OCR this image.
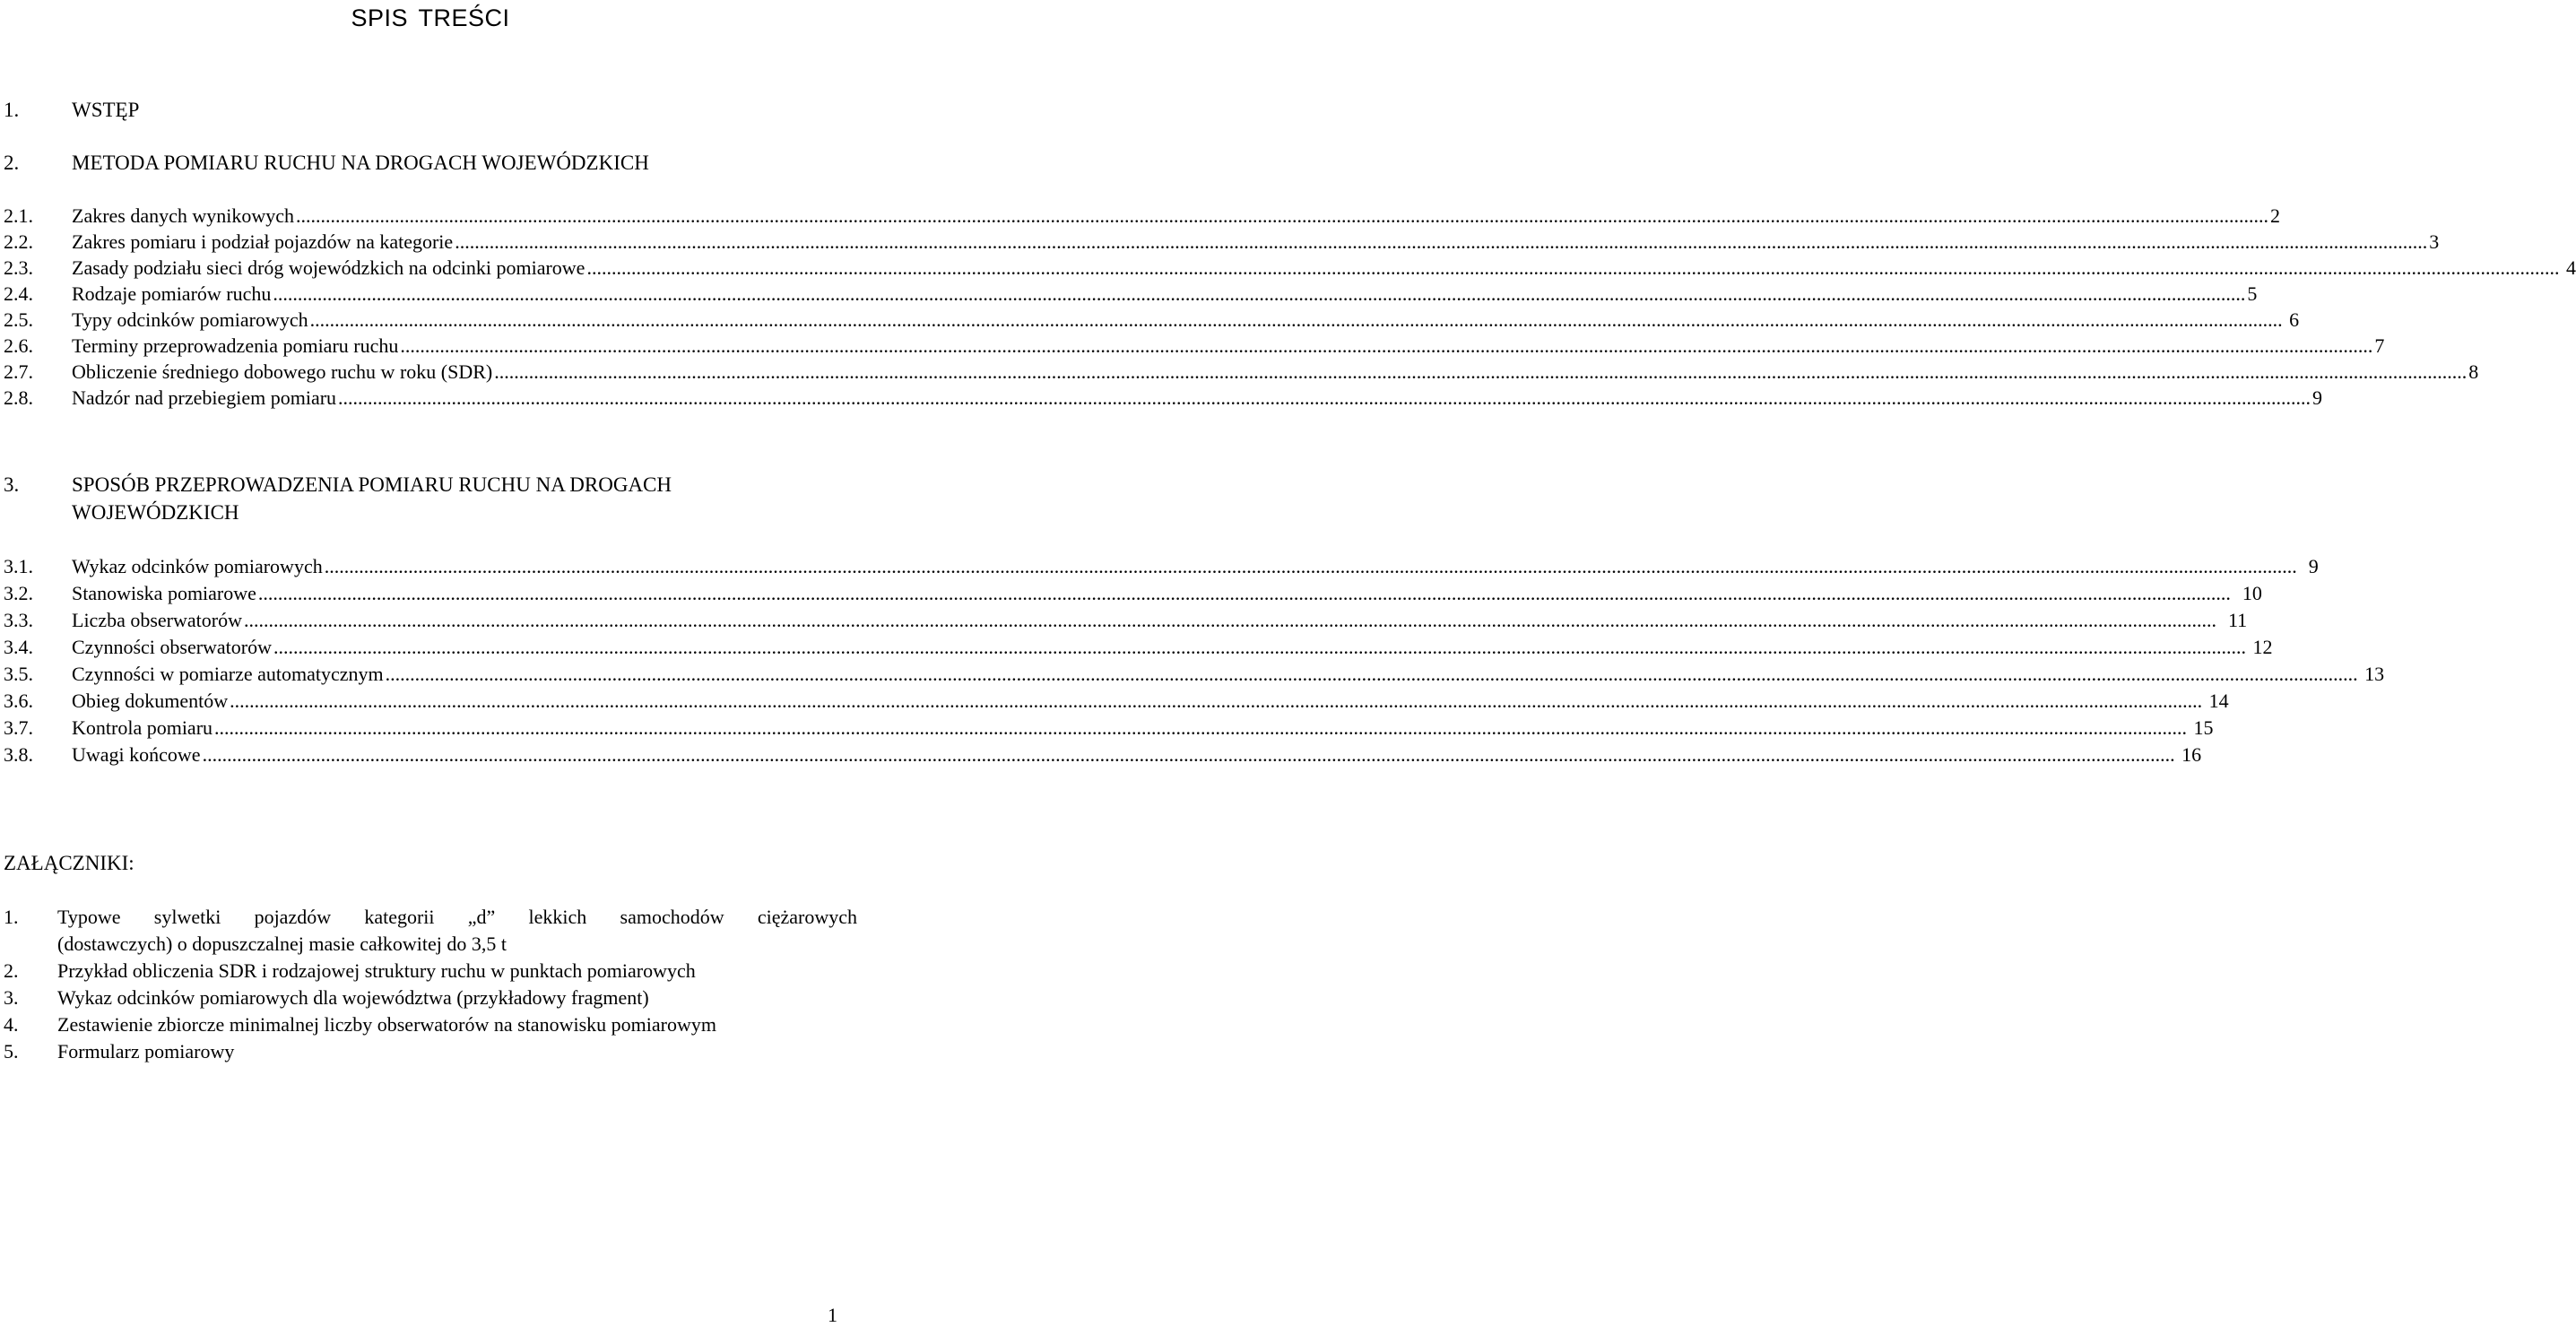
SPIS TREŚCI
1.	WSTĘP
2.	METODA POMIARU RUCHU NA DROGACH WOJEWÓDZKICH
2.1. Zakres danych wynikowych ................................................................................................................................................................................................................................................................................................................................................................................................................ 2
2.2. Zakres pomiaru i podział pojazdów na kategorie ................................................................................................................................................................................................................................................................................................................................................................................................................ 3
2.3. Zasady podziału sieci dróg wojewódzkich na odcinki pomiarowe ................................................................................................................................................................................................................................................................................................................................................................................................................ 4
2.4. Rodzaje pomiarów ruchu ................................................................................................................................................................................................................................................................................................................................................................................................................ 5
2.5. Typy odcinków pomiarowych ................................................................................................................................................................................................................................................................................................................................................................................................................ 6
2.6. Terminy przeprowadzenia pomiaru ruchu ................................................................................................................................................................................................................................................................................................................................................................................................................ 7
2.7. Obliczenie średniego dobowego ruchu w roku (SDR) ................................................................................................................................................................................................................................................................................................................................................................................................................ 8
2.8. Nadzór nad przebiegiem pomiaru ................................................................................................................................................................................................................................................................................................................................................................................................................ 9
3.	SPOSÓB PRZEPROWADZENIA POMIARU RUCHU NA DROGACH
WOJEWÓDZKICH
3.1. Wykaz odcinków pomiarowych ................................................................................................................................................................................................................................................................................................................................................................................................................ 9
3.2. Stanowiska pomiarowe ................................................................................................................................................................................................................................................................................................................................................................................................................ 10
3.3. Liczba obserwatorów ................................................................................................................................................................................................................................................................................................................................................................................................................ 11
3.4. Czynności obserwatorów ................................................................................................................................................................................................................................................................................................................................................................................................................ 12
3.5. Czynności w pomiarze automatycznym ................................................................................................................................................................................................................................................................................................................................................................................................................ 13
3.6. Obieg dokumentów ................................................................................................................................................................................................................................................................................................................................................................................................................ 14
3.7. Kontrola pomiaru ................................................................................................................................................................................................................................................................................................................................................................................................................ 15
3.8. Uwagi końcowe ................................................................................................................................................................................................................................................................................................................................................................................................................ 16
ZAŁĄCZNIKI:
1. Typowe sylwetki pojazdów kategorii „d” lekkich samochodów ciężarowych
(dostawczych) o dopuszczalnej masie całkowitej do 3,5 t
2. Przykład obliczenia SDR i rodzajowej struktury ruchu w punktach pomiarowych
3. Wykaz odcinków pomiarowych dla województwa (przykładowy fragment)
4. Zestawienie zbiorcze minimalnej liczby obserwatorów na stanowisku pomiarowym
5. Formularz pomiarowy
1
